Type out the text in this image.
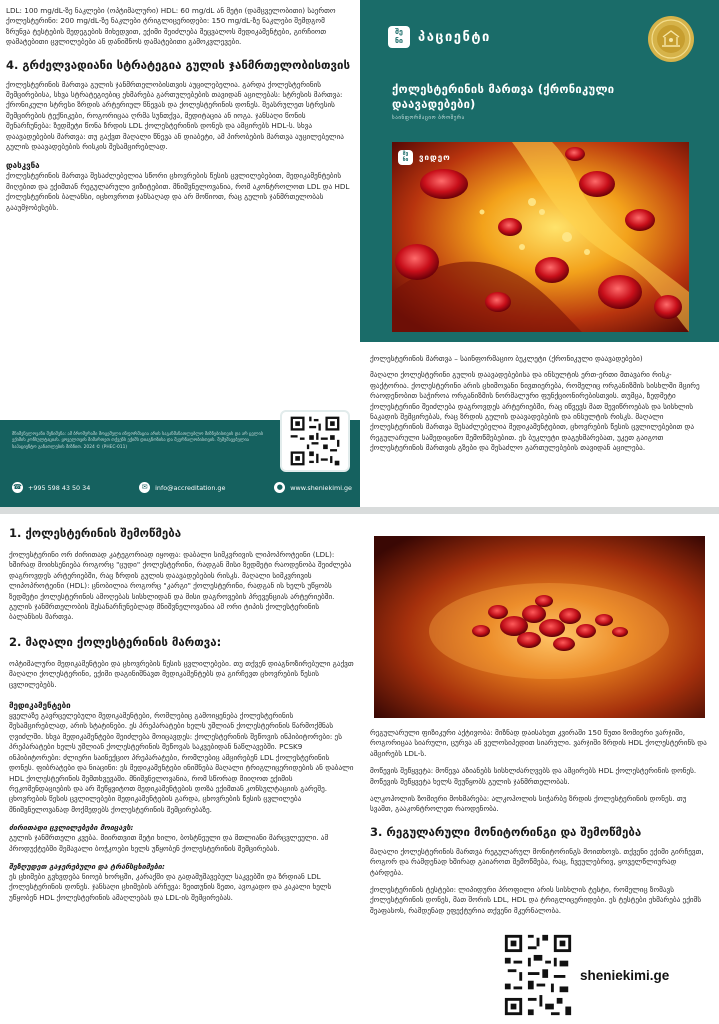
LDL: 100 mg/dL-ზე ნაკლები (ოპტიმალური) HDL: 60 mg/dL ან მეტი (დამცველობითი) საერთო ქოლესტერინი: 200 mg/dL-ზე ნაკლები ტრიგლიცერიდები: 150 mg/dL-ზე ნაკლები შემდგომ ზრუნვა ტესტების შედეგების მიხედვით, ექიმი შეიძლება შეცვალოს მედიკამენტები, გირჩიოთ დამატებითი ცვლილებები ან დანიშნოს დამატებითი გამოკვლევები.

4. გრძელვადიანი სტრატეგია გულის ჯანმრთელობისთვის

ქოლესტერინის მართვა გულის ჯანმრთელობისთვის აუცილებელია. გარდა ქოლესტერინის შემცირებისა, სხვა სტრატეგიებიც ეხმარება გართულებების თავიდან აცილებას: სტრესის მართვა: ქრონიკული სტრესი ზრდის არტერიულ წნევას და ქოლესტერინის დონეს. შეასრულეთ სტრესის შემცირების ტექნიკები, როგორიცაა ღრმა სუნთქვა, მედიტაცია ან იოგა. ჯანსაღი წონის შენარჩუნება: ზედმეტი წონა ზრდის LDL ქოლესტერინის დონეს და ამცირებს HDL-ს. სხვა დაავადებების მართვა: თუ გაქვთ მაღალი წნევა ან დიაბეტი, ამ პირობების მართვა აუცილებელია გულის დაავადებების რისკის შესამცირებლად.

დასკვნა

ქოლესტერინის მართვა შესაძლებელია სწორი ცხოვრების წესის ცვლილებებით, მედიკამენტების მიღებით და ექიმთან რეგულარული ვიზიტებით. მნიშვნელოვანია, რომ აკონტროლოთ LDL და HDL ქოლესტერინის ბალანსი, იცხოვროთ ჯანსაღად და არ მოწიოთ, რაც გულის ჯანმრთელობას გააუმჯობესებს.

მნიშვნელოვანი შენიშვნა: ამ ბროშურაში მოცემული ინფორმაცია არის საგანმანათლებლო მიზნებისთვის და არ ცვლის ექიმის კონსულტაციას. ყოველთვის მიმართეთ თქვენს ექიმს დიაგნოზისა და მკურნალობისთვის. შემუშავებულია საპაციენტო განათლების მიზნით. 2024 © (PHEC-011)
☎ +995 598 43 50 34	✉	info@accreditation.ge	●	www.sheniekimi.ge
შე
ნი	პაციენტი
ქოლესტერინის მართვა (ქრონიკული დაავადებები)
საინფორმაციო ბროშურა
შე
ნი	ვიდეო

ქოლესტერინის მართვა – საინფორმაციო ბუკლეტი (ქრონიკული დაავადებები)

მაღალი ქოლესტერინი გულის დაავადებებისა და ინსულტის ერთ-ერთი მთავარი რისკ-ფაქტორია. ქოლესტერინი არის ცხიმოვანი ნივთიერება, რომელიც ორგანიზმის სისხლში მცირე რაოდენობით საჭიროა ორგანიზმის ნორმალური ფუნქციონირებისთვის. თუმცა, ზედმეტი ქოლესტერინი შეიძლება დაგროვდეს არტერიებში, რაც იწვევს მათ შევიწროებას და სისხლის ნაკადის შემცირებას, რაც ზრდის გულის დაავადებების და ინსულტის რისკს. მაღალი ქოლესტერინის მართვა შესაძლებელია მედიკამენტებით, ცხოვრების წესის ცვლილებებით და რეგულარული სამედიცინო შემოწმებებით. ეს ბუკლეტი დაგეხმარებათ, უკეთ გაიგოთ ქოლესტერინის მართვის გზები და შესაძლო გართულებების თავიდან აცილება.

1. ქოლესტერინის შემოწმება

ქოლესტერინი ორ ძირითად კატეგორიად იყოფა: დაბალი სიმკვრივის ლიპოპროტეინი (LDL): ხშირად მოიხსენიება როგორც "ცუდი" ქოლესტერინი, რადგან მისი ზედმეტი რაოდენობა შეიძლება დაგროვდეს არტერიებში, რაც ზრდის გულის დაავადებების რისკს. მაღალი სიმკვრივის ლიპოპროტეინი (HDL): ცნობილია როგორც "კარგი" ქოლესტერინი, რადგან ის ხელს უწყობს ზედმეტი ქოლესტერინის ამოღებას სისხლიდან და მისი დაგროვების პრევენციას არტერიებში. გულის ჯანმრთელობის შესანარჩუნებლად მნიშვნელოვანია ამ ორი ტიპის ქოლესტერინის ბალანსის მართვა.

2. მაღალი ქოლესტერინის მართვა:

ოპტიმალური მედიკამენტები და ცხოვრების წესის ცვლილებები. თუ თქვენ დიაგნოზირებული გაქვთ მაღალი ქოლესტერინი, ექიმი დაგინიშნავთ მედიკამენტებს და გირჩევთ ცხოვრების წესის ცვლილებებს.

მედიკამენტები

ყველაზე გავრცელებული მედიკამენტები, რომლებიც გამოიყენება ქოლესტერინის შესამცირებლად, არის სტატინები. ეს პრეპარატები ხელს უშლიან ქოლესტერინის წარმოქმნას ღვიძლში. სხვა მედიკამენტები შეიძლება მოიცავდეს: ქოლესტერინის შეწოვის ინჰიბიტორები: ეს პრეპარატები ხელს უშლიან ქოლესტერინის შეწოვას საკვებიდან ნაწლავებში. PCSK9 ინჰიბიტორები: ძლიერი საინექციო პრეპარატები, რომლებიც ამცირებენ LDL ქოლესტერინის დონეს. ფიბრატები და ნიაცინი: ეს მედიკამენტები ინიშნება მაღალი ტრიგლიცერიდების ან დაბალი HDL ქოლესტერინის შემთხვევაში. მნიშვნელოვანია, რომ სწორად მიიღოთ ექიმის რეკომენდაციების და არ შეწყვიტოთ მედიკამენტების დოზა ექიმთან კონსულტაციის გარეშე. ცხოვრების წესის ცვლილებები მედიკამენტების გარდა, ცხოვრების წესის ცვლილება მნიშვნელოვანად მოქმედებს ქოლესტერინის შემცირებაზე.

ძირითადი ცვლილებები მოიცავს:

გულის ჯანმრთელი კვება. მიირთვით მეტი ხილი, ბოსტნეული და მთლიანი მარცვლეული. ამ პროდუქტებში შემავალი ბოჭკოები ხელს უწყობენ ქოლესტერინის შემცირებას.

შეზღუდეთ გაჯერებული და ტრანსცხიმები:

ეს ცხიმები გვხვდება ნიოებ ხორცში, კარაქში და გადამუშავებულ საკვებში და ზრდიან LDL ქოლესტერინის დონეს. ჯანსაღი ცხიმების არჩევა: ზეითუნის ზეთი, ავოკადო და კაკალი ხელს უწყობენ HDL ქოლესტერინის ამაღლებას და LDL-ის შემცირებას.

რეგულარული ფიზიკური აქტივობა: მიზნად დაისახეთ კვირაში 150 წუთი ზომიერი ვარჯიში, როგორიცაა სიარული, ცურვა ან ველოსიპედით სიარული. ვარჯიში ზრდის HDL ქოლესტერინს და ამცირებს LDL-ს.

მოწევის შეწყვეტა: მოწევა აზიანებს სისხლძარღვებს და ამცირებს HDL ქოლესტერინის დონეს. მოწევის შეწყვეტა ხელს შეუწყობს გულის ჯანმრთელობას.

ალკოჰოლის ზომიერი მოხმარება: ალკოჰოლის სიჭარბე ზრდის ქოლესტერინის დონეს. თუ სვამთ, გააკონტროლეთ რაოდენობა.

3. რეგულარული მონიტორინგი და შემოწმება

მაღალი ქოლესტერინის მართვა რეგულარულ მონიტორინგს მოითხოვს. თქვენი ექიმი გირჩევთ, როგორ და რამდენად ხშირად გაიაროთ შემოწმება, რაც, ჩვეულებრივ, ყოველწლიურად ტარდება.

ქოლესტერინის ტესტები: ლიპიდური პროფილი არის სისხლის ტესტი, რომელიც ზომავს ქოლესტერინის დონეს, მათ შორის LDL, HDL და ტრიგლიცერიდები. ეს ტესტები ეხმარება ექიმს შეაფასოს, რამდენად ეფექტურია თქვენი მკურნალობა.

sheniekimi.ge
